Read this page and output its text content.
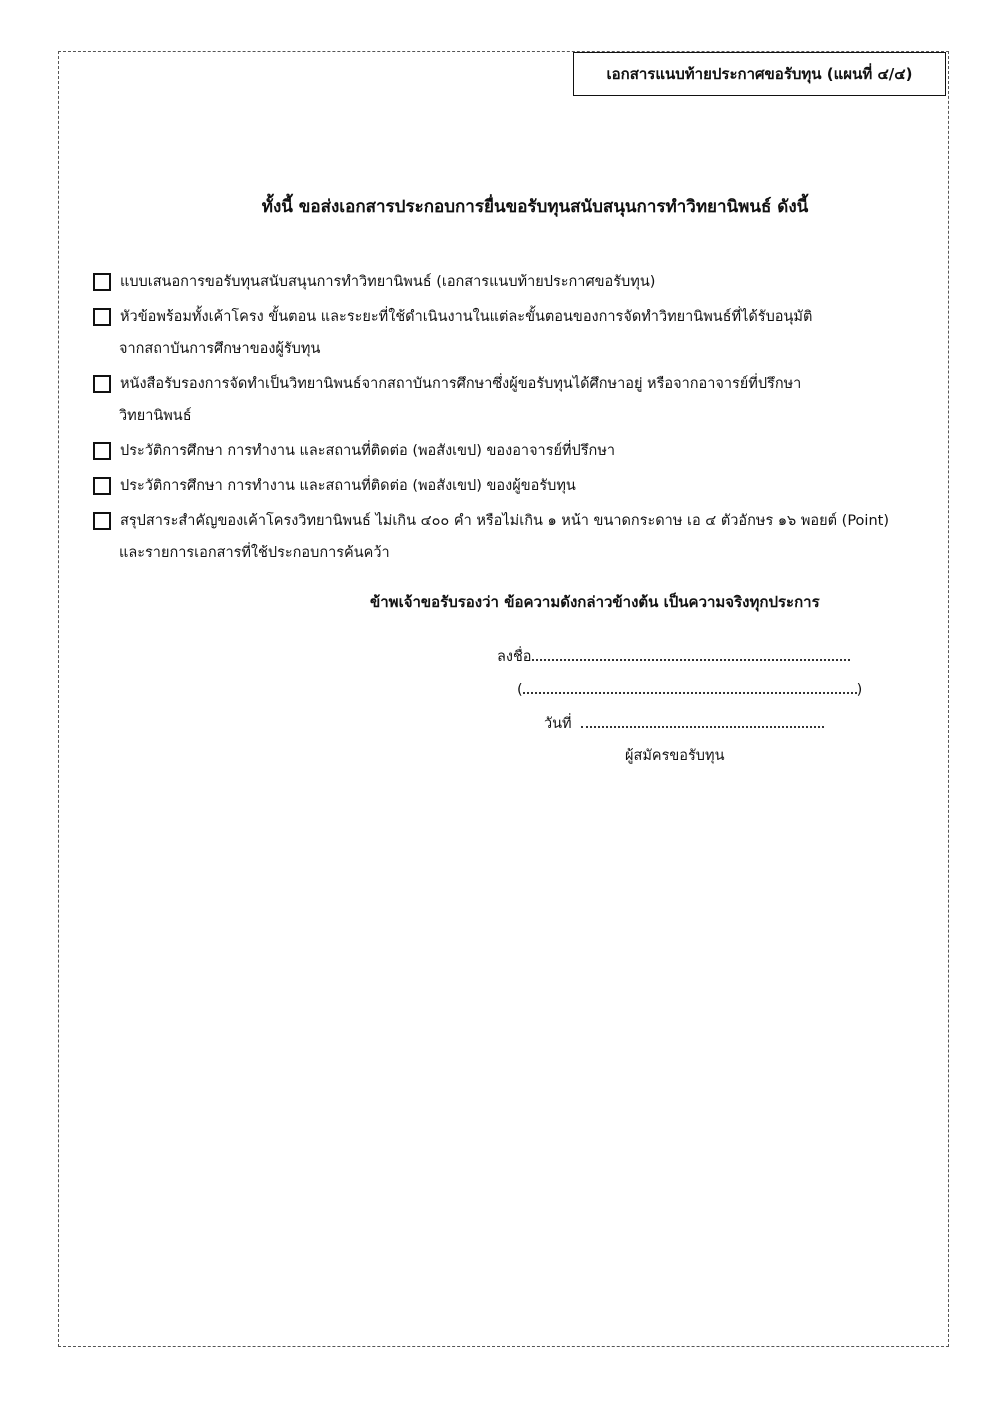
เอกสารแนบท้ายประกาศขอรับทุน (แผนที่ ๔/๔)
ทั้งนี้ ขอส่งเอกสารประกอบการยื่นขอรับทุนสนับสนุนการทำวิทยานิพนธ์ ดังนี้
แบบเสนอการขอรับทุนสนับสนุนการทำวิทยานิพนธ์ (เอกสารแนบท้ายประกาศขอรับทุน)
หัวข้อพร้อมทั้งเค้าโครง ขั้นตอน และระยะที่ใช้ดำเนินงานในแต่ละขั้นตอนของการจัดทำวิทยานิพนธ์ที่ได้รับอนุมัติ
จากสถาบันการศึกษาของผู้รับทุน
หนังสือรับรองการจัดทำเป็นวิทยานิพนธ์จากสถาบันการศึกษาซึ่งผู้ขอรับทุนได้ศึกษาอยู่ หรือจากอาจารย์ที่ปรึกษา
วิทยานิพนธ์
ประวัติการศึกษา การทำงาน และสถานที่ติดต่อ (พอสังเขป) ของอาจารย์ที่ปรึกษา
ประวัติการศึกษา การทำงาน และสถานที่ติดต่อ (พอสังเขป) ของผู้ขอรับทุน
สรุปสาระสำคัญของเค้าโครงวิทยานิพนธ์ ไม่เกิน ๔๐๐ คำ หรือไม่เกิน ๑ หน้า ขนาดกระดาษ เอ ๔ ตัวอักษร ๑๖ พอยต์ (Point)
และรายการเอกสารที่ใช้ประกอบการค้นคว้า
ข้าพเจ้าขอรับรองว่า ข้อความดังกล่าวข้างต้น เป็นความจริงทุกประการ
ลงชื่อ
(	)
วันที่
ผู้สมัครขอรับทุน
